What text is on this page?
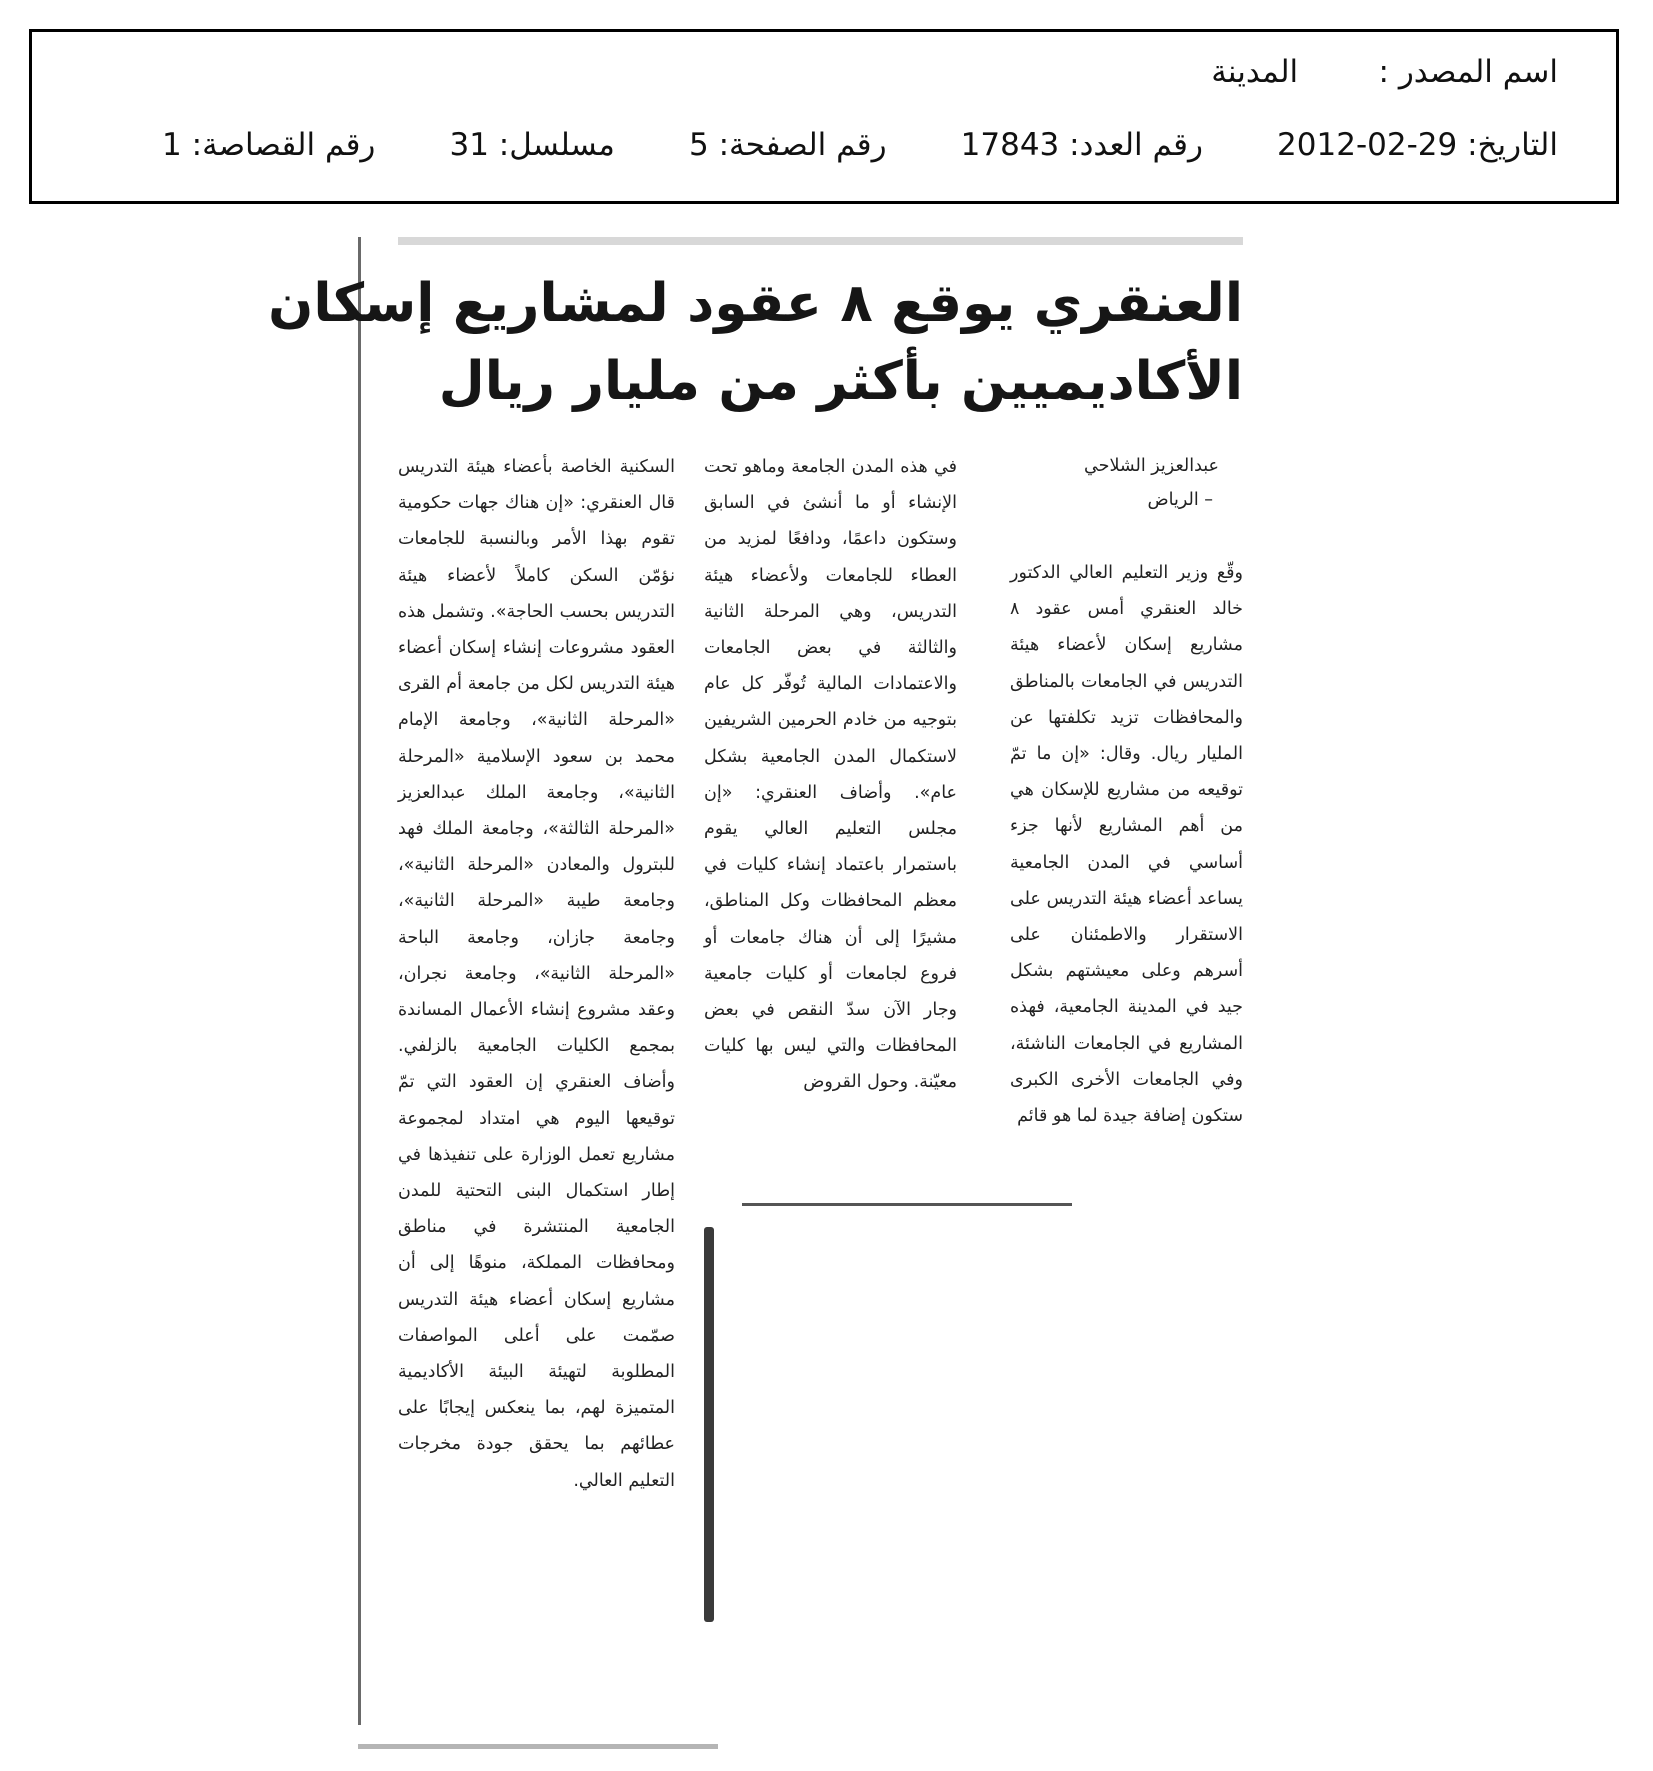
اسم المصدر : المدينة
التاريخ: 2012-02-29
رقم العدد: 17843
رقم الصفحة: 5
مسلسل: 31
رقم القصاصة: 1
العنقري يوقع ٨ عقود لمشاريع إسكان
الأكاديميين بأكثر من مليار ريال
عبدالعزيز الشلاحي
– الرياض
وقّع وزير التعليم العالي الدكتور خالد العنقري أمس عقود ٨ مشاريع إسكان لأعضاء هيئة التدريس في الجامعات بالمناطق والمحافظات تزيد تكلفتها عن المليار ريال. وقال: «إن ما تمّ توقيعه من مشاريع للإسكان هي من أهم المشاريع لأنها جزء أساسي في المدن الجامعية يساعد أعضاء هيئة التدريس على الاستقرار والاطمئنان على أسرهم وعلى معيشتهم بشكل جيد في المدينة الجامعية، فهذه المشاريع في الجامعات الناشئة، وفي الجامعات الأخرى الكبرى ستكون إضافة جيدة لما هو قائم
في هذه المدن الجامعة وماهو تحت الإنشاء أو ما أنشئ في السابق وستكون داعمًا، ودافعًا لمزيد من العطاء للجامعات ولأعضاء هيئة التدريس، وهي المرحلة الثانية والثالثة في بعض الجامعات والاعتمادات المالية تُوفّر كل عام بتوجيه من خادم الحرمين الشريفين لاستكمال المدن الجامعية بشكل عام». وأضاف العنقري: «إن مجلس التعليم العالي يقوم باستمرار باعتماد إنشاء كليات في معظم المحافظات وكل المناطق، مشيرًا إلى أن هناك جامعات أو فروع لجامعات أو كليات جامعية وجار الآن سدّ النقص في بعض المحافظات والتي ليس بها كليات معيّنة. وحول القروض
السكنية الخاصة بأعضاء هيئة التدريس قال العنقري: «إن هناك جهات حكومية تقوم بهذا الأمر وبالنسبة للجامعات نؤمّن السكن كاملاً لأعضاء هيئة التدريس بحسب الحاجة». وتشمل هذه العقود مشروعات إنشاء إسكان أعضاء هيئة التدريس لكل من جامعة أم القرى «المرحلة الثانية»، وجامعة الإمام محمد بن سعود الإسلامية «المرحلة الثانية»، وجامعة الملك عبدالعزيز «المرحلة الثالثة»، وجامعة الملك فهد للبترول والمعادن «المرحلة الثانية»، وجامعة طيبة «المرحلة الثانية»، وجامعة جازان، وجامعة الباحة «المرحلة الثانية»، وجامعة نجران، وعقد مشروع إنشاء الأعمال المساندة بمجمع الكليات الجامعية بالزلفي. وأضاف العنقري إن العقود التي تمّ توقيعها اليوم هي امتداد لمجموعة مشاريع تعمل الوزارة على تنفيذها في إطار استكمال البنى التحتية للمدن الجامعية المنتشرة في مناطق ومحافظات المملكة، منوهًا إلى أن مشاريع إسكان أعضاء هيئة التدريس صمّمت على أعلى المواصفات المطلوبة لتهيئة البيئة الأكاديمية المتميزة لهم، بما ينعكس إيجابًا على عطائهم بما يحقق جودة مخرجات التعليم العالي.
